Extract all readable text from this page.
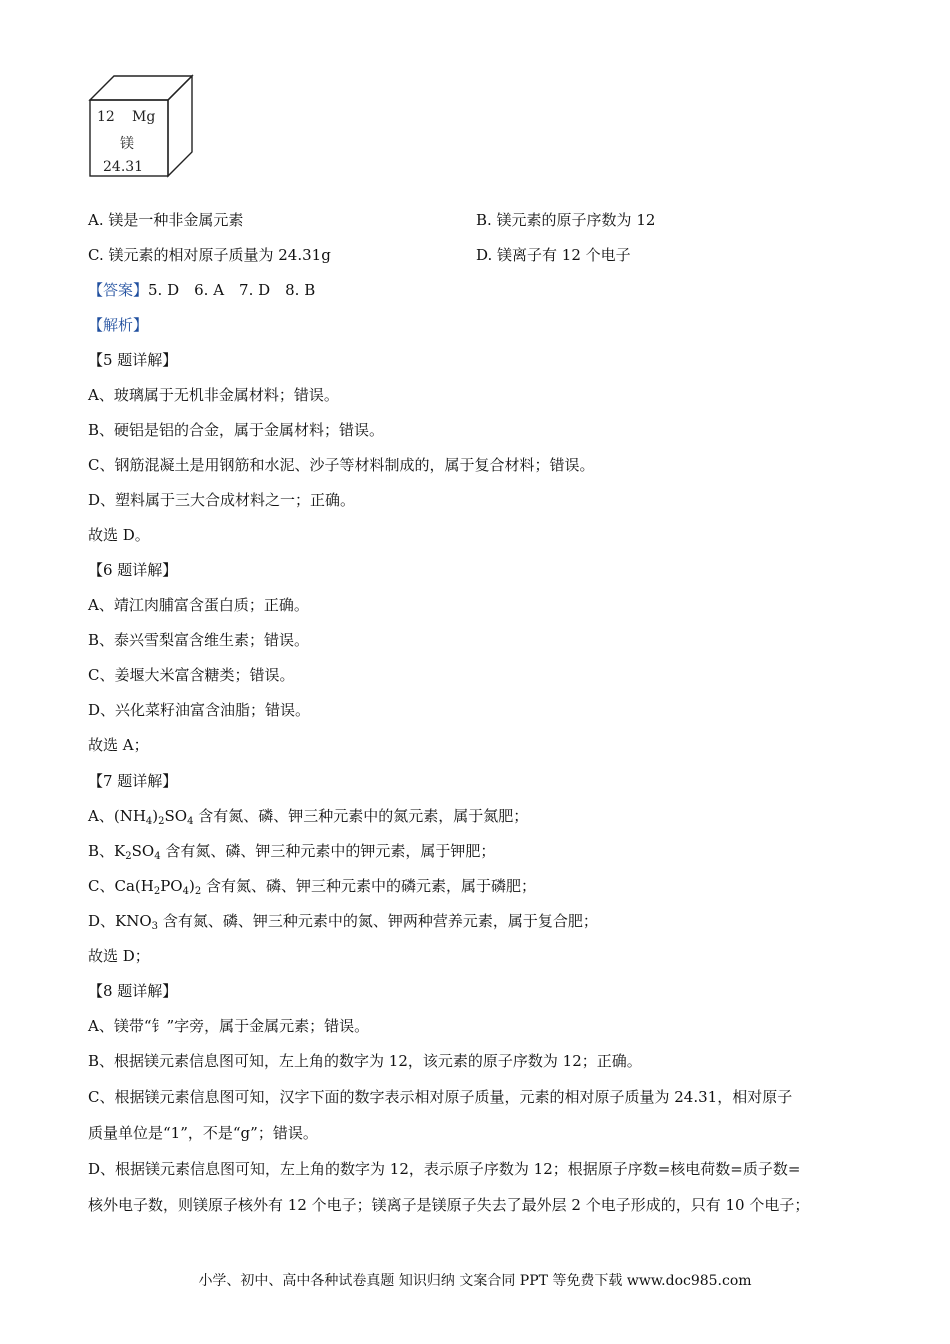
12 Mg
镁
24.31
A. 镁是一种非金属元素	B. 镁元素的原子序数为 12
C. 镁元素的相对原子质量为 24.31g	D. 镁离子有 12 个电子
【答案】5. D　6. A　7. D　8. B
【解析】
【5 题详解】
A、玻璃属于无机非金属材料；错误。
B、硬铝是铝的合金，属于金属材料；错误。
C、钢筋混凝土是用钢筋和水泥、沙子等材料制成的，属于复合材料；错误。
D、塑料属于三大合成材料之一；正确。
故选 D。
【6 题详解】
A、靖江肉脯富含蛋白质；正确。
B、泰兴雪梨富含维生素；错误。
C、姜堰大米富含糖类；错误。
D、兴化菜籽油富含油脂；错误。
故选 A；
【7 题详解】
A、$(NH_4)_2SO_4$ 含有氮、磷、钾三种元素中的氮元素，属于氮肥；
B、$K_2SO_4$ 含有氮、磷、钾三种元素中的钾元素，属于钾肥；
C、$Ca(H_2PO_4)_2$ 含有氮、磷、钾三种元素中的磷元素，属于磷肥；
D、$KNO_3$ 含有氮、磷、钾三种元素中的氮、钾两种营养元素，属于复合肥；
故选 D；
【8 题详解】
A、镁带“钅”字旁，属于金属元素；错误。
B、根据镁元素信息图可知，左上角的数字为 12，该元素的原子序数为 12；正确。
C、根据镁元素信息图可知，汉字下面的数字表示相对原子质量，元素的相对原子质量为 24.31，相对原子
质量单位是“1”，不是“g”；错误。
D、根据镁元素信息图可知，左上角的数字为 12，表示原子序数为 12；根据原子序数=核电荷数=质子数=
核外电子数，则镁原子核外有 12 个电子；镁离子是镁原子失去了最外层 2 个电子形成的，只有 10 个电子；
小学、初中、高中各种试卷真题 知识归纳 文案合同 PPT 等免费下载 www.doc985.com
